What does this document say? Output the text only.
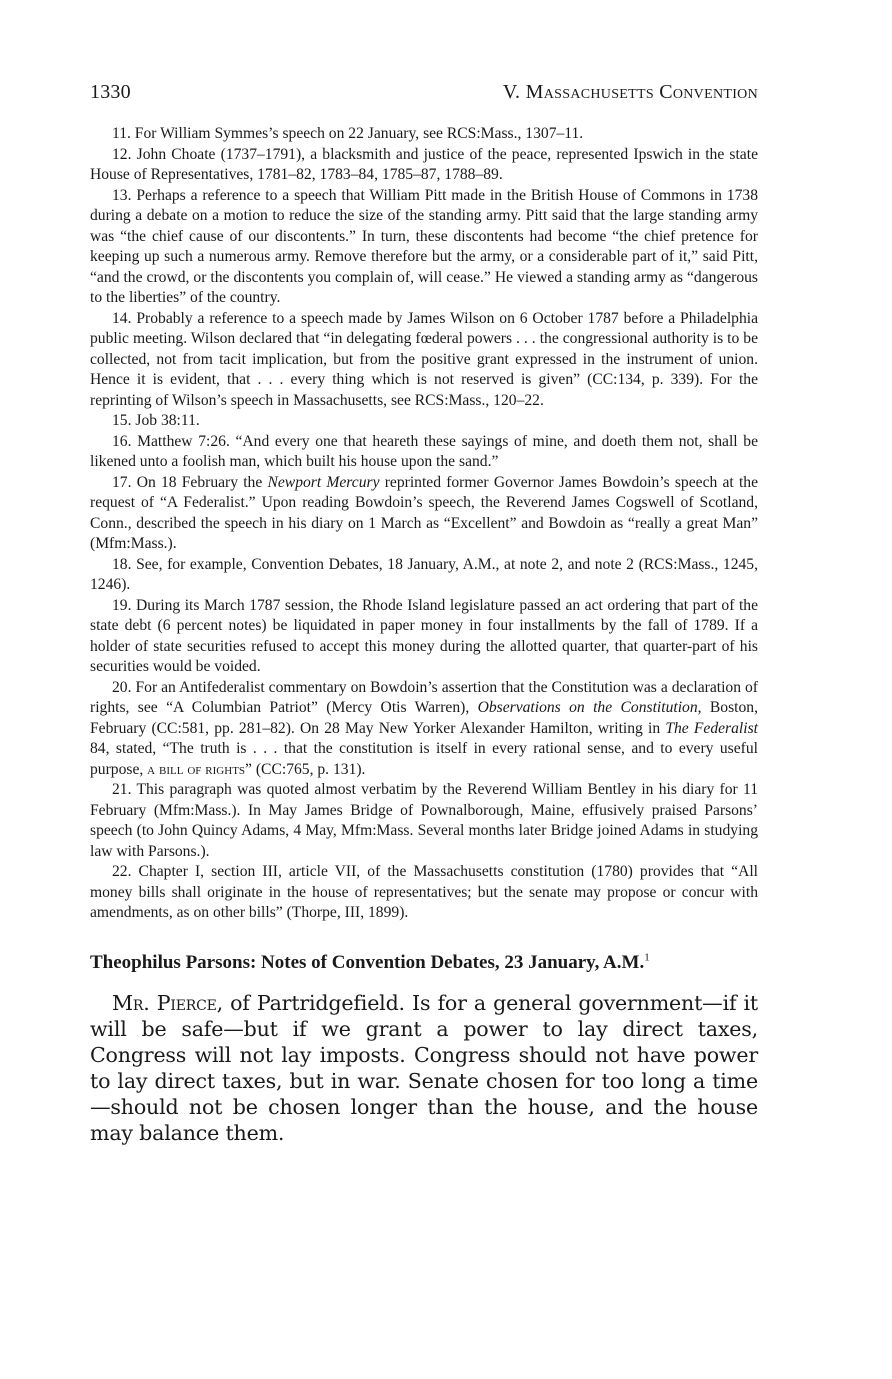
1330	V. Massachusetts Convention

11. For William Symmes’s speech on 22 January, see RCS:Mass., 1307–11.

12. John Choate (1737–1791), a blacksmith and justice of the peace, represented Ipswich in the state House of Representatives, 1781–82, 1783–84, 1785–87, 1788–89.

13. Perhaps a reference to a speech that William Pitt made in the British House of Commons in 1738 during a debate on a motion to reduce the size of the standing army. Pitt said that the large standing army was “the chief cause of our discontents.” In turn, these discontents had become “the chief pretence for keeping up such a numerous army. Remove therefore but the army, or a considerable part of it,” said Pitt, “and the crowd, or the discontents you complain of, will cease.” He viewed a standing army as “dangerous to the liberties” of the country.

14. Probably a reference to a speech made by James Wilson on 6 October 1787 before a Philadelphia public meeting. Wilson declared that “in delegating fœderal powers . . . the congressional authority is to be collected, not from tacit implication, but from the positive grant expressed in the instrument of union. Hence it is evident, that . . . every thing which is not reserved is given” (CC:134, p. 339). For the reprinting of Wilson’s speech in Massachusetts, see RCS:Mass., 120–22.

15. Job 38:11.

16. Matthew 7:26. “And every one that heareth these sayings of mine, and doeth them not, shall be likened unto a foolish man, which built his house upon the sand.”

17. On 18 February the Newport Mercury reprinted former Governor James Bowdoin’s speech at the request of “A Federalist.” Upon reading Bowdoin’s speech, the Reverend James Cogswell of Scotland, Conn., described the speech in his diary on 1 March as “Excellent” and Bowdoin as “really a great Man” (Mfm:Mass.).

18. See, for example, Convention Debates, 18 January, A.M., at note 2, and note 2 (RCS:Mass., 1245, 1246).

19. During its March 1787 session, the Rhode Island legislature passed an act ordering that part of the state debt (6 percent notes) be liquidated in paper money in four installments by the fall of 1789. If a holder of state securities refused to accept this money during the allotted quarter, that quarter-part of his securities would be voided.

20. For an Antifederalist commentary on Bowdoin’s assertion that the Constitution was a declaration of rights, see “A Columbian Patriot” (Mercy Otis Warren), Observations on the Constitution, Boston, February (CC:581, pp. 281–82). On 28 May New Yorker Alexander Hamilton, writing in The Federalist 84, stated, “The truth is . . . that the constitution is itself in every rational sense, and to every useful purpose, a bill of rights” (CC:765, p. 131).

21. This paragraph was quoted almost verbatim by the Reverend William Bentley in his diary for 11 February (Mfm:Mass.). In May James Bridge of Pownalborough, Maine, effusively praised Parsons’ speech (to John Quincy Adams, 4 May, Mfm:Mass. Several months later Bridge joined Adams in studying law with Parsons.).

22. Chapter I, section III, article VII, of the Massachusetts constitution (1780) provides that “All money bills shall originate in the house of representatives; but the senate may propose or concur with amendments, as on other bills” (Thorpe, III, 1899).

Theophilus Parsons: Notes of Convention Debates, 23 January, A.M.$^1$

Mr. Pierce, of Partridgefield. Is for a general government—if it will be safe—but if we grant a power to lay direct taxes, Congress will not lay imposts. Congress should not have power to lay direct taxes, but in war. Senate chosen for too long a time—should not be chosen longer than the house, and the house may balance them.
